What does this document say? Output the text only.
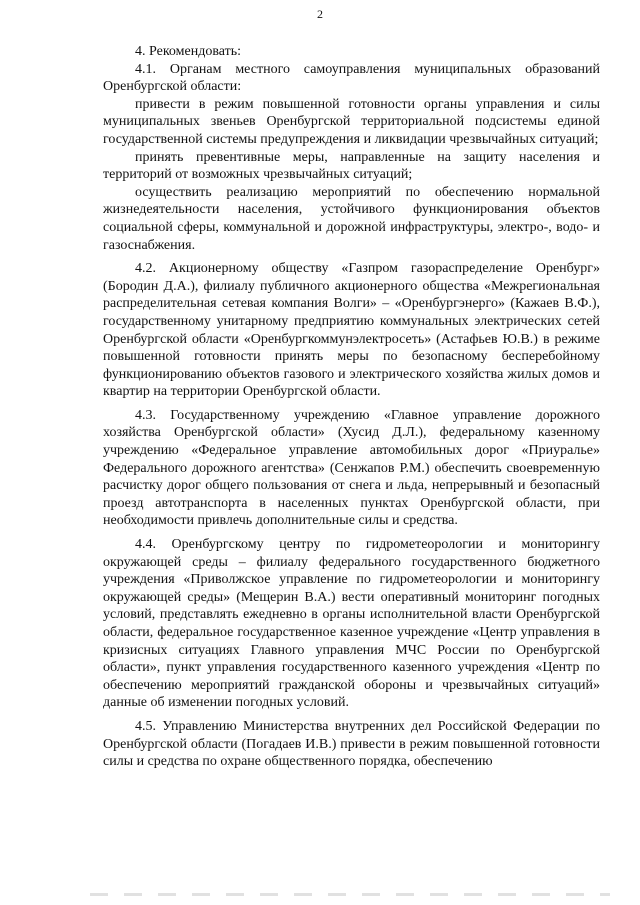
2

4. Рекомендовать:

4.1. Органам местного самоуправления муниципальных образований Оренбургской области:

привести в режим повышенной готовности органы управления и силы муниципальных звеньев Оренбургской территориальной подсистемы единой государственной системы предупреждения и ликвидации чрезвычайных ситуаций;

принять превентивные меры, направленные на защиту населения и территорий от возможных чрезвычайных ситуаций;

осуществить реализацию мероприятий по обеспечению нормальной жизнедеятельности населения, устойчивого функционирования объектов социальной сферы, коммунальной и дорожной инфраструктуры, электро-, водо- и газоснабжения.

4.2. Акционерному обществу «Газпром газораспределение Оренбург» (Бородин Д.А.), филиалу публичного акционерного общества «Межрегиональная распределительная сетевая компания Волги» – «Оренбургэнерго» (Кажаев В.Ф.), государственному унитарному предприятию коммунальных электрических сетей Оренбургской области «Оренбургкоммунэлектросеть» (Астафьев Ю.В.) в режиме повышенной готовности принять меры по безопасному бесперебойному функционированию объектов газового и электрического хозяйства жилых домов и квартир на территории Оренбургской области.

4.3. Государственному учреждению «Главное управление дорожного хозяйства Оренбургской области» (Хусид Д.Л.), федеральному казенному учреждению «Федеральное управление автомобильных дорог «Приуралье» Федерального дорожного агентства» (Сенжапов Р.М.) обеспечить своевременную расчистку дорог общего пользования от снега и льда, непрерывный и безопасный проезд автотранспорта в населенных пунктах Оренбургской области, при необходимости привлечь дополнительные силы и средства.

4.4. Оренбургскому центру по гидрометеорологии и мониторингу окружающей среды – филиалу федерального государственного бюджетного учреждения «Приволжское управление по гидрометеорологии и мониторингу окружающей среды» (Мещерин В.А.) вести оперативный мониторинг погодных условий, представлять ежедневно в органы исполнительной власти Оренбургской области, федеральное государственное казенное учреждение «Центр управления в кризисных ситуациях Главного управления МЧС России по Оренбургской области», пункт управления государственного казенного учреждения «Центр по обеспечению мероприятий гражданской обороны и чрезвычайных ситуаций» данные об изменении погодных условий.

4.5. Управлению Министерства внутренних дел Российской Федерации по Оренбургской области (Погадаев И.В.) привести в режим повышенной готовности силы и средства по охране общественного порядка, обеспечению
